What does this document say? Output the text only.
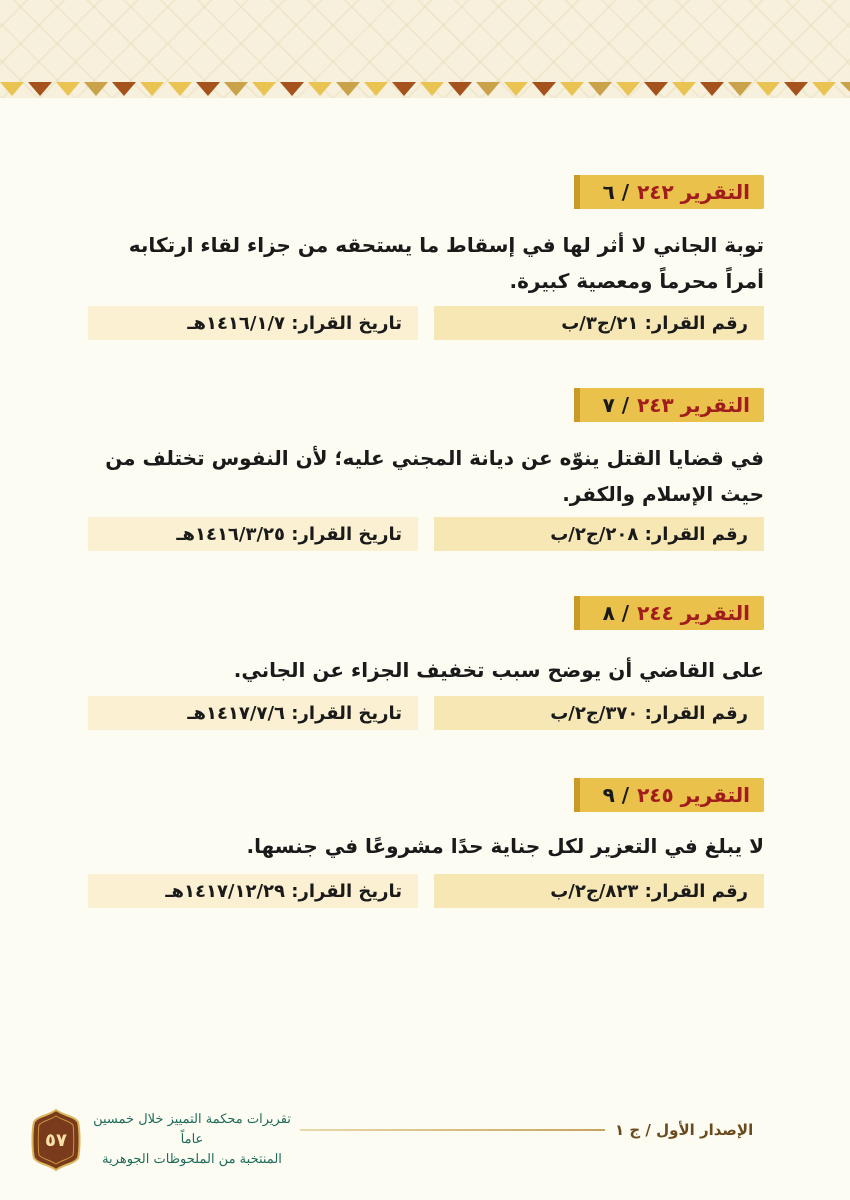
التقرير ٢٤٢
/ ٦
توبة الجاني لا أثر لها في إسقاط ما يستحقه من جزاء لقاء ارتكابه أمراً محرماً ومعصية كبيرة.
رقم القرار: ٢١/ج٣/ب
تاريخ القرار: ١٤١٦/١/٧هـ
التقرير ٢٤٣
/ ٧
في قضايا القتل ينوّه عن ديانة المجني عليه؛ لأن النفوس تختلف من حيث الإسلام والكفر.
رقم القرار: ٢٠٨/ج٢/ب
تاريخ القرار: ١٤١٦/٣/٢٥هـ
التقرير ٢٤٤
/ ٨
على القاضي أن يوضح سبب تخفيف الجزاء عن الجاني.
رقم القرار: ٣٧٠/ج٢/ب
تاريخ القرار: ١٤١٧/٧/٦هـ
التقرير ٢٤٥
/ ٩
لا يبلغ في التعزير لكل جناية حدًا مشروعًا في جنسها.
رقم القرار: ٨٢٣/ج٢/ب
تاريخ القرار: ١٤١٧/١٢/٢٩هـ
الإصدار الأول / ج ١
تقريرات محكمة التمييز خلال خمسين عاماً
المنتخبة من الملحوظات الجوهرية
٥٧
